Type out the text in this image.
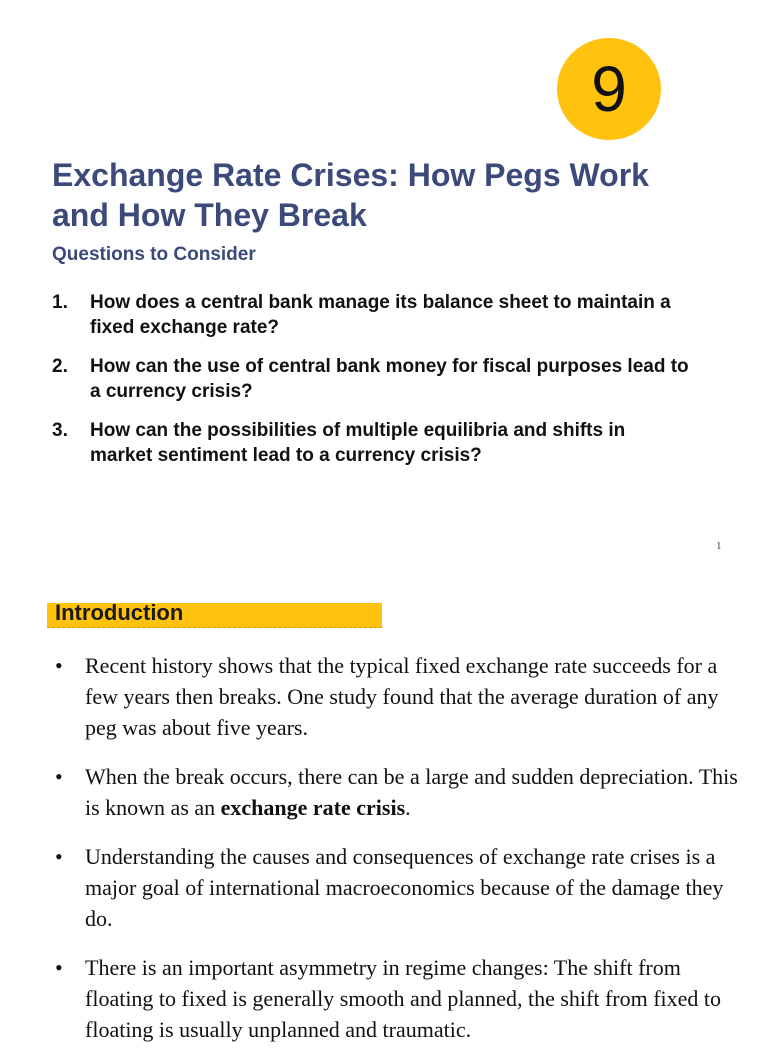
9
Exchange Rate Crises: How Pegs Work and How They Break
Questions to Consider
1.	How does a central bank manage its balance sheet to maintain a fixed exchange rate?
2.	How can the use of central bank money for fiscal purposes lead to a currency crisis?
3.	How can the possibilities of multiple equilibria and shifts in market sentiment lead to a currency crisis?
1
Introduction
•	Recent history shows that the typical fixed exchange rate succeeds for a few years then breaks. One study found that the average duration of any peg was about five years.
•	When the break occurs, there can be a large and sudden depreciation. This is known as an exchange rate crisis.
•	Understanding the causes and consequences of exchange rate crises is a major goal of international macroeconomics because of the damage they do.
•	There is an important asymmetry in regime changes: The shift from floating to fixed is generally smooth and planned, the shift from fixed to floating is usually unplanned and traumatic.
